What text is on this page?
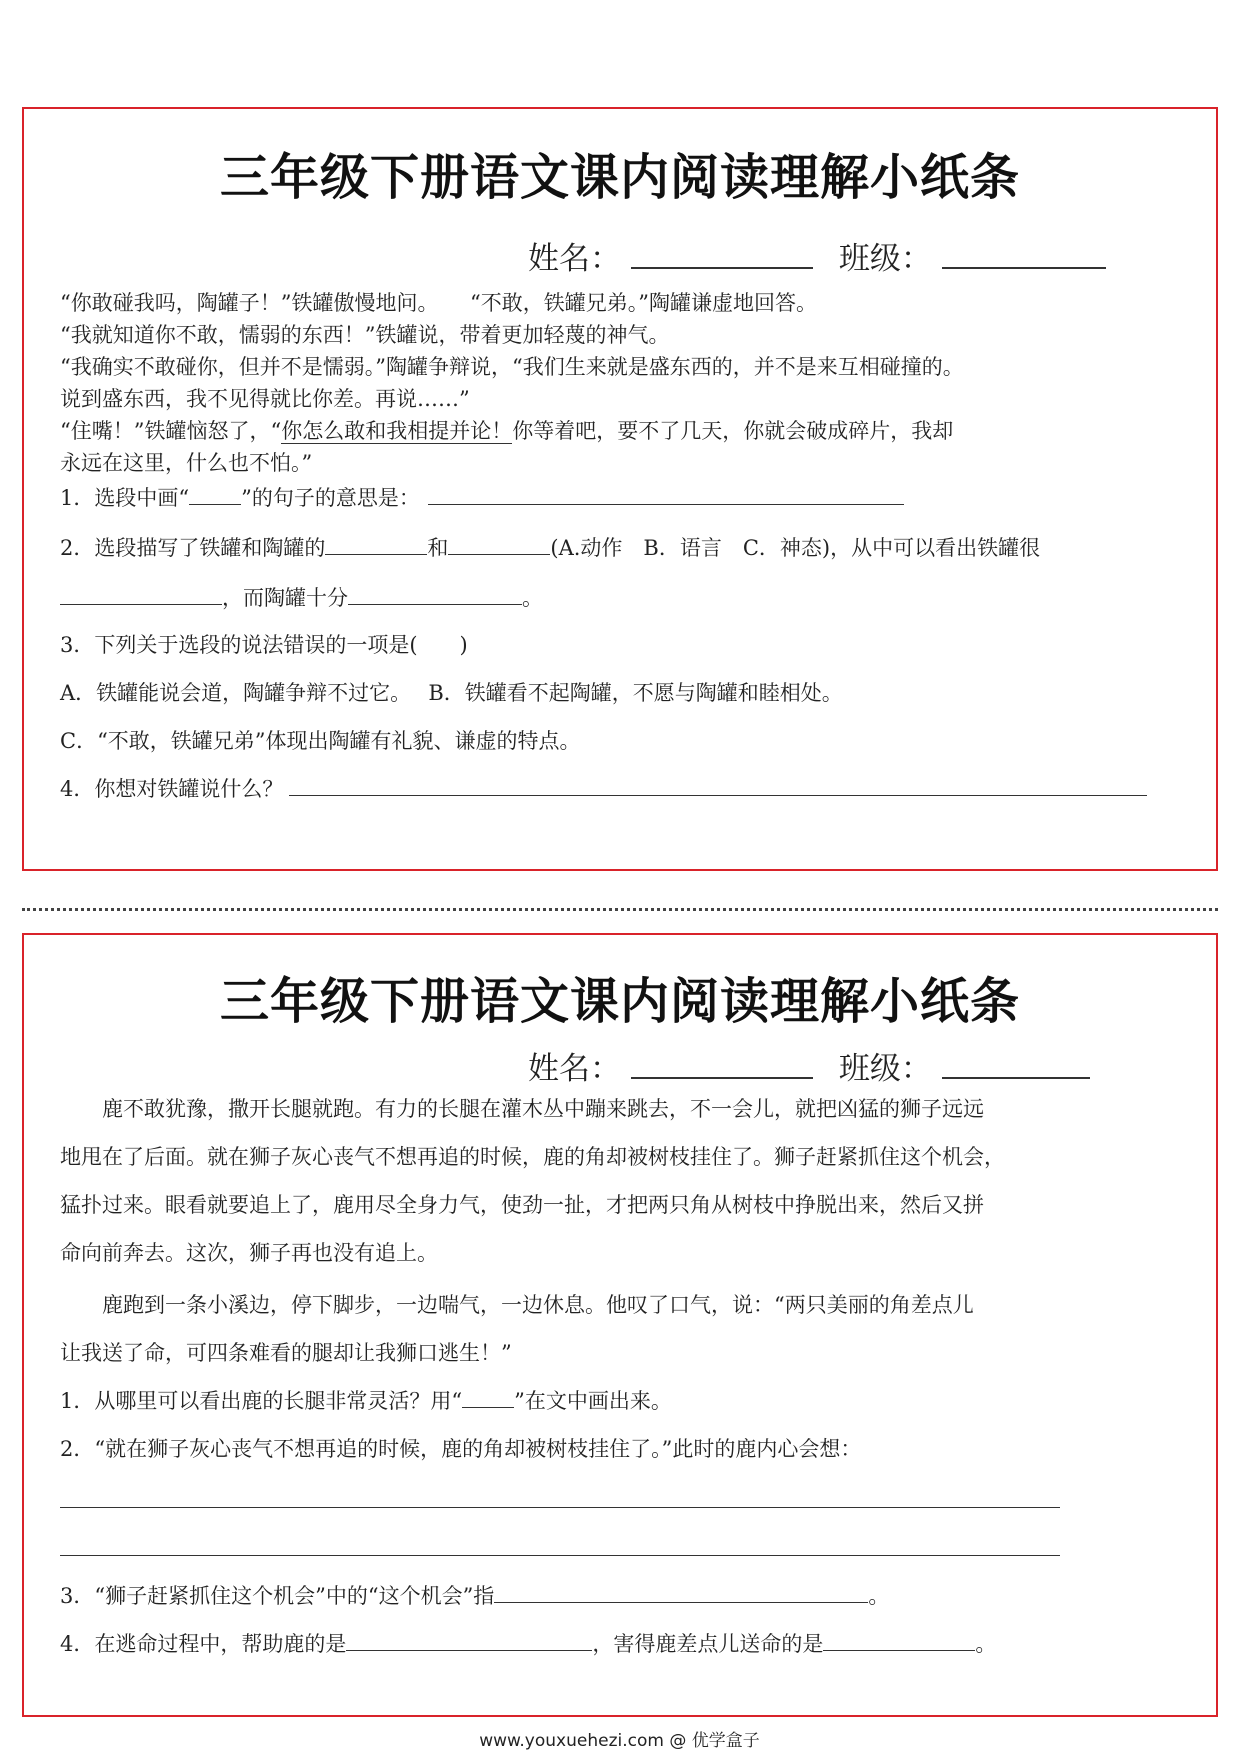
三年级下册语文课内阅读理解小纸条
姓名：	班级：
“你敢碰我吗，陶罐子！”铁罐傲慢地问。　　“不敢，铁罐兄弟。”陶罐谦虚地回答。
“我就知道你不敢，懦弱的东西！”铁罐说，带着更加轻蔑的神气。
“我确实不敢碰你，但并不是懦弱。”陶罐争辩说，“我们生来就是盛东西的，并不是来互相碰撞的。
说到盛东西，我不见得就比你差。再说……”
“住嘴！”铁罐恼怒了，“你怎么敢和我相提并论！你等着吧，要不了几天，你就会破成碎片，我却
永远在这里，什么也不怕。”
1．选段中画“ ”的句子的意思是：
2．选段描写了铁罐和陶罐的	和	(A.动作　B．语言　C．神态)，从中可以看出铁罐很
，而陶罐十分	。
3．下列关于选段的说法错误的一项是(　　)
A．铁罐能说会道，陶罐争辩不过它。　 B．铁罐看不起陶罐，不愿与陶罐和睦相处。
C．“不敢，铁罐兄弟”体现出陶罐有礼貌、谦虚的特点。
4．你想对铁罐说什么？
三年级下册语文课内阅读理解小纸条
姓名：	班级：
　　鹿不敢犹豫，撒开长腿就跑。有力的长腿在灌木丛中蹦来跳去，不一会儿，就把凶猛的狮子远远
地甩在了后面。就在狮子灰心丧气不想再追的时候，鹿的角却被树枝挂住了。狮子赶紧抓住这个机会，
猛扑过来。眼看就要追上了，鹿用尽全身力气，使劲一扯，才把两只角从树枝中挣脱出来，然后又拼
命向前奔去。这次，狮子再也没有追上。
　　鹿跑到一条小溪边，停下脚步，一边喘气，一边休息。他叹了口气，说：“两只美丽的角差点儿
让我送了命，可四条难看的腿却让我狮口逃生！”
1．从哪里可以看出鹿的长腿非常灵活？用“ ”在文中画出来。
2．“就在狮子灰心丧气不想再追的时候，鹿的角却被树枝挂住了。”此时的鹿内心会想：
3．“狮子赶紧抓住这个机会”中的“这个机会”指	。
4．在逃命过程中，帮助鹿的是	，害得鹿差点儿送命的是	。
www.youxuehezi.com @ 优学盒子
